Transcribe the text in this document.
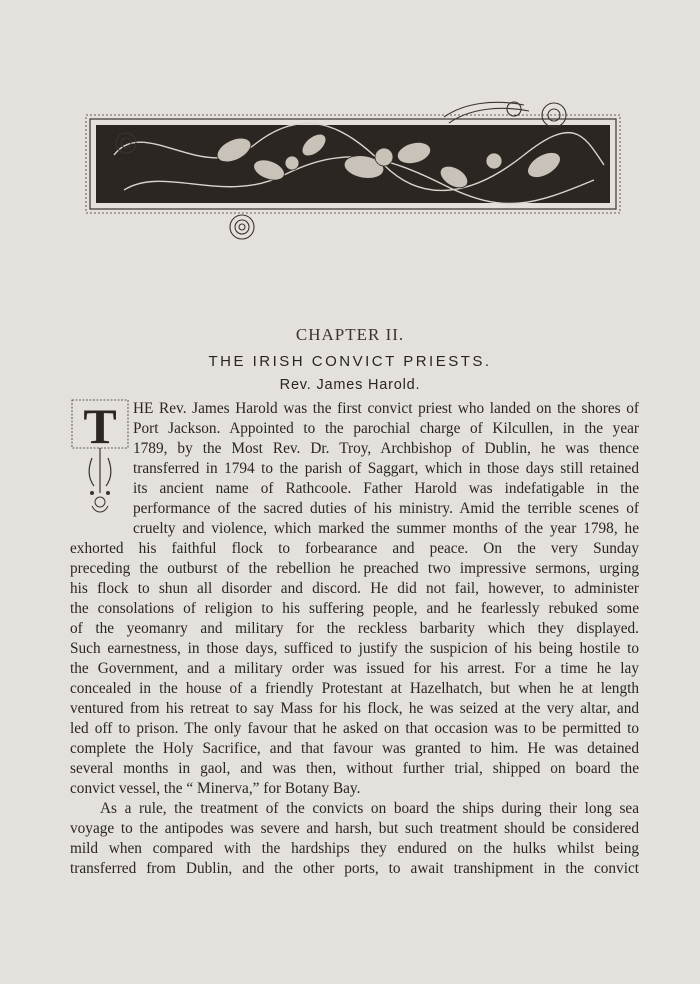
CHAPTER II.
THE IRISH CONVICT PRIESTS.
Rev. James Harold.
T HE Rev. James Harold was the first convict priest who landed on the shores of
Port Jackson. Appointed to the parochial charge of Kilcullen, in the year
1789, by the Most Rev. Dr. Troy, Archbishop of Dublin, he was thence
transferred in 1794 to the parish of Saggart, which in those days still retained
its ancient name of Rathcoole. Father Harold was indefatigable in the
performance of the sacred duties of his ministry. Amid the terrible scenes of
cruelty and violence, which marked the summer months of the year 1798, he
exhorted his faithful flock to forbearance and peace. On the very Sunday
preceding the outburst of the rebellion he preached two impressive sermons, urging
his flock to shun all disorder and discord. He did not fail, however, to administer
the consolations of religion to his suffering people, and he fearlessly rebuked some
of the yeomanry and military for the reckless barbarity which they displayed.
Such earnestness, in those days, sufficed to justify the suspicion of his being hostile to
the Government, and a military order was issued for his arrest. For a time he lay
concealed in the house of a friendly Protestant at Hazelhatch, but when he at length
ventured from his retreat to say Mass for his flock, he was seized at the very altar, and
led off to prison. The only favour that he asked on that occasion was to be permitted to
complete the Holy Sacrifice, and that favour was granted to him. He was detained
several months in gaol, and was then, without further trial, shipped on board the
convict vessel, the “ Minerva,” for Botany Bay.
As a rule, the treatment of the convicts on board the ships during their long sea
voyage to the antipodes was severe and harsh, but such treatment should be considered
mild when compared with the hardships they endured on the hulks whilst being
transferred from Dublin, and the other ports, to await transhipment in the convict
